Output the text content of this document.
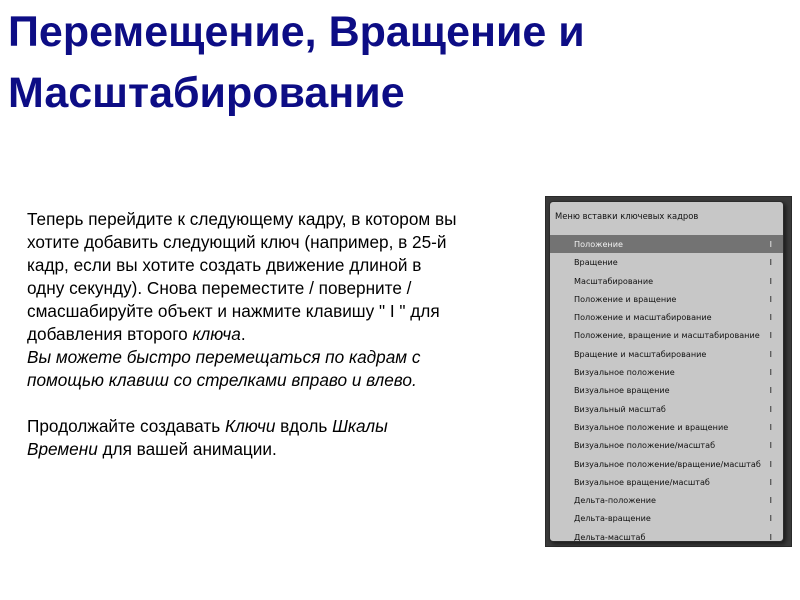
Перемещение, Вращение и Масштабирование

Теперь перейдите к следующему кадру, в котором вы
хотите добавить следующий ключ (например, в 25-й
кадр, если вы хотите создать движение длиной в
одну секунду). Снова переместите / поверните /
смасшабируйте объект и нажмите клавишу " I " для
добавления второго ключа.

Вы можете быстро перемещаться по кадрам с
помощью клавиш со стрелками вправо и влево.

Продолжайте создавать Ключи вдоль Шкалы
Времени для вашей анимации.

Меню вставки ключевых кадров
Положение	I
Вращение	I
Масштабирование	I
Положение и вращение	I
Положение и масштабирование	I
Положение, вращение и масштабирование I
Вращение и масштабирование	I
Визуальное положение	I
Визуальное вращение	I
Визуальный масштаб	I
Визуальное положение и вращение	I
Визуальное положение/масштаб	I
Визуальное положение/вращение/масштаб I
Визуальное вращение/масштаб	I
Дельта-положение	I
Дельта-вращение	I
Дельта-масштаб	I
